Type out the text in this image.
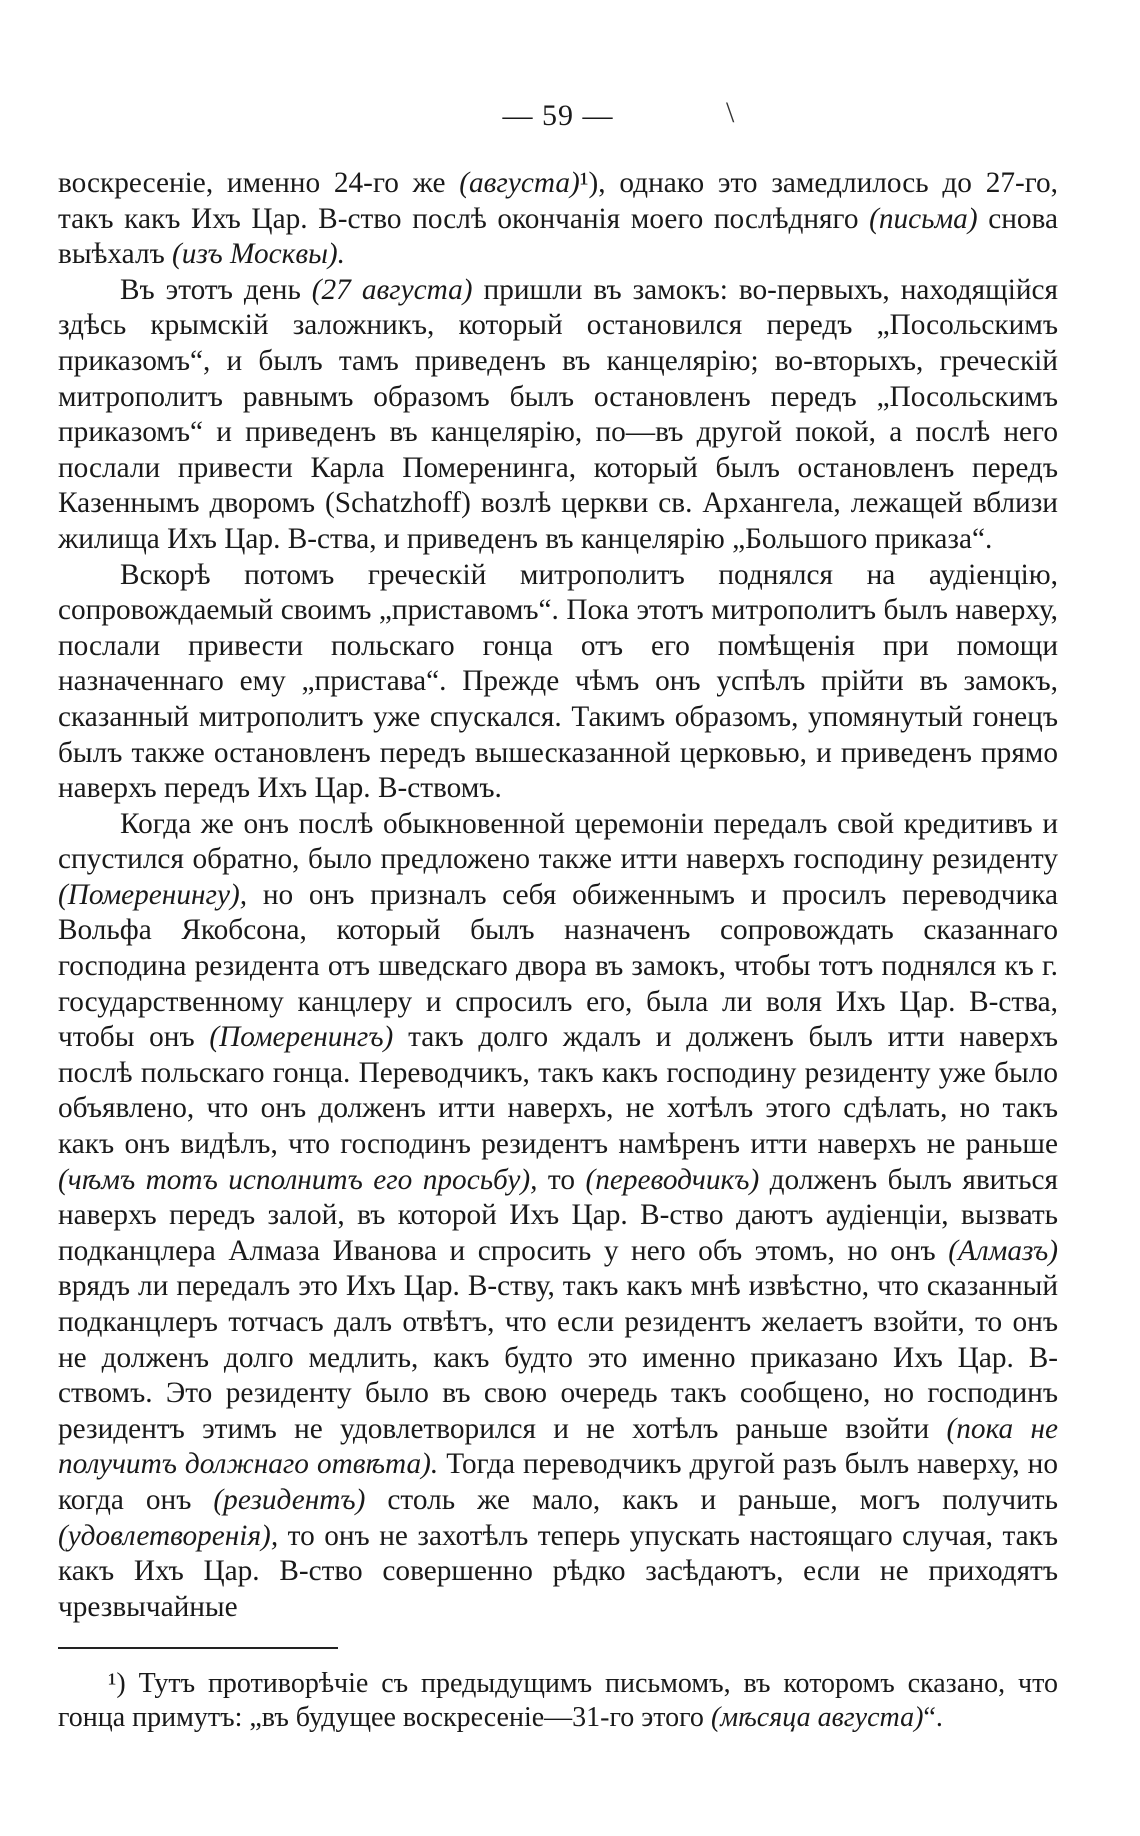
— 59 —	\

воскресеніе, именно 24-го же (августа)¹), однако это замедлилось до 27-го, такъ какъ Ихъ Цар. В-ство послѣ окончанія моего послѣдняго (письма) снова выѣхалъ (изъ Москвы).

Въ этотъ день (27 августа) пришли въ замокъ: во-первыхъ, находящійся здѣсь крымскій заложникъ, который остановился передъ „Посольскимъ приказомъ“, и былъ тамъ приведенъ въ канцелярію; во-вторыхъ, греческій митрополитъ равнымъ образомъ былъ остановленъ передъ „Посольскимъ приказомъ“ и приведенъ въ канцелярію, по—въ другой покой, а послѣ него послали привести Карла Померенинга, который былъ остановленъ передъ Казеннымъ дворомъ (Schatzhoff) возлѣ церкви св. Архангела, лежащей вблизи жилища Ихъ Цар. В-ства, и приведенъ въ канцелярію „Большого приказа“.

Вскорѣ потомъ греческій митрополитъ поднялся на аудіенцію, сопровождаемый своимъ „приставомъ“. Пока этотъ митрополитъ былъ наверху, послали привести польскаго гонца отъ его помѣщенія при помощи назначеннаго ему „пристава“. Прежде чѣмъ онъ успѣлъ прійти въ замокъ, сказанный митрополитъ уже спускался. Такимъ образомъ, упомянутый гонецъ былъ также остановленъ передъ вышесказанной церковью, и приведенъ прямо наверхъ передъ Ихъ Цар. В-ствомъ.

Когда же онъ послѣ обыкновенной церемоніи передалъ свой кредитивъ и спустился обратно, было предложено также итти наверхъ господину резиденту (Померенингу), но онъ призналъ себя обиженнымъ и просилъ переводчика Вольфа Якобсона, который былъ назначенъ сопровождать сказаннаго господина резидента отъ шведскаго двора въ замокъ, чтобы тотъ поднялся къ г. государственному канцлеру и спросилъ его, была ли воля Ихъ Цар. В-ства, чтобы онъ (Померенингъ) такъ долго ждалъ и долженъ былъ итти наверхъ послѣ польскаго гонца. Переводчикъ, такъ какъ господину резиденту уже было объявлено, что онъ долженъ итти наверхъ, не хотѣлъ этого сдѣлать, но такъ какъ онъ видѣлъ, что господинъ резидентъ намѣренъ итти наверхъ не раньше (чѣмъ тотъ исполнитъ его просьбу), то (переводчикъ) долженъ былъ явиться наверхъ передъ залой, въ которой Ихъ Цар. В-ство даютъ аудіенціи, вызвать подканцлера Алмаза Иванова и спросить у него объ этомъ, но онъ (Алмазъ) врядъ ли передалъ это Ихъ Цар. В-ству, такъ какъ мнѣ извѣстно, что сказанный подканцлеръ тотчасъ далъ отвѣтъ, что если резидентъ желаетъ взойти, то онъ не долженъ долго медлить, какъ будто это именно приказано Ихъ Цар. В-ствомъ. Это резиденту было въ свою очередь такъ сообщено, но господинъ резидентъ этимъ не удовлетворился и не хотѣлъ раньше взойти (пока не получитъ должнаго отвѣта). Тогда переводчикъ другой разъ былъ наверху, но когда онъ (резидентъ) столь же мало, какъ и раньше, могъ получить (удовлетворенія), то онъ не захотѣлъ теперь упускать настоящаго случая, такъ какъ Ихъ Цар. В-ство совершенно рѣдко засѣдаютъ, если не приходятъ чрезвычайные

¹) Тутъ противорѣчіе съ предыдущимъ письмомъ, въ которомъ сказано, что гонца примутъ: „въ будущее воскресеніе—31-го этого (мѣсяца августа)“.
